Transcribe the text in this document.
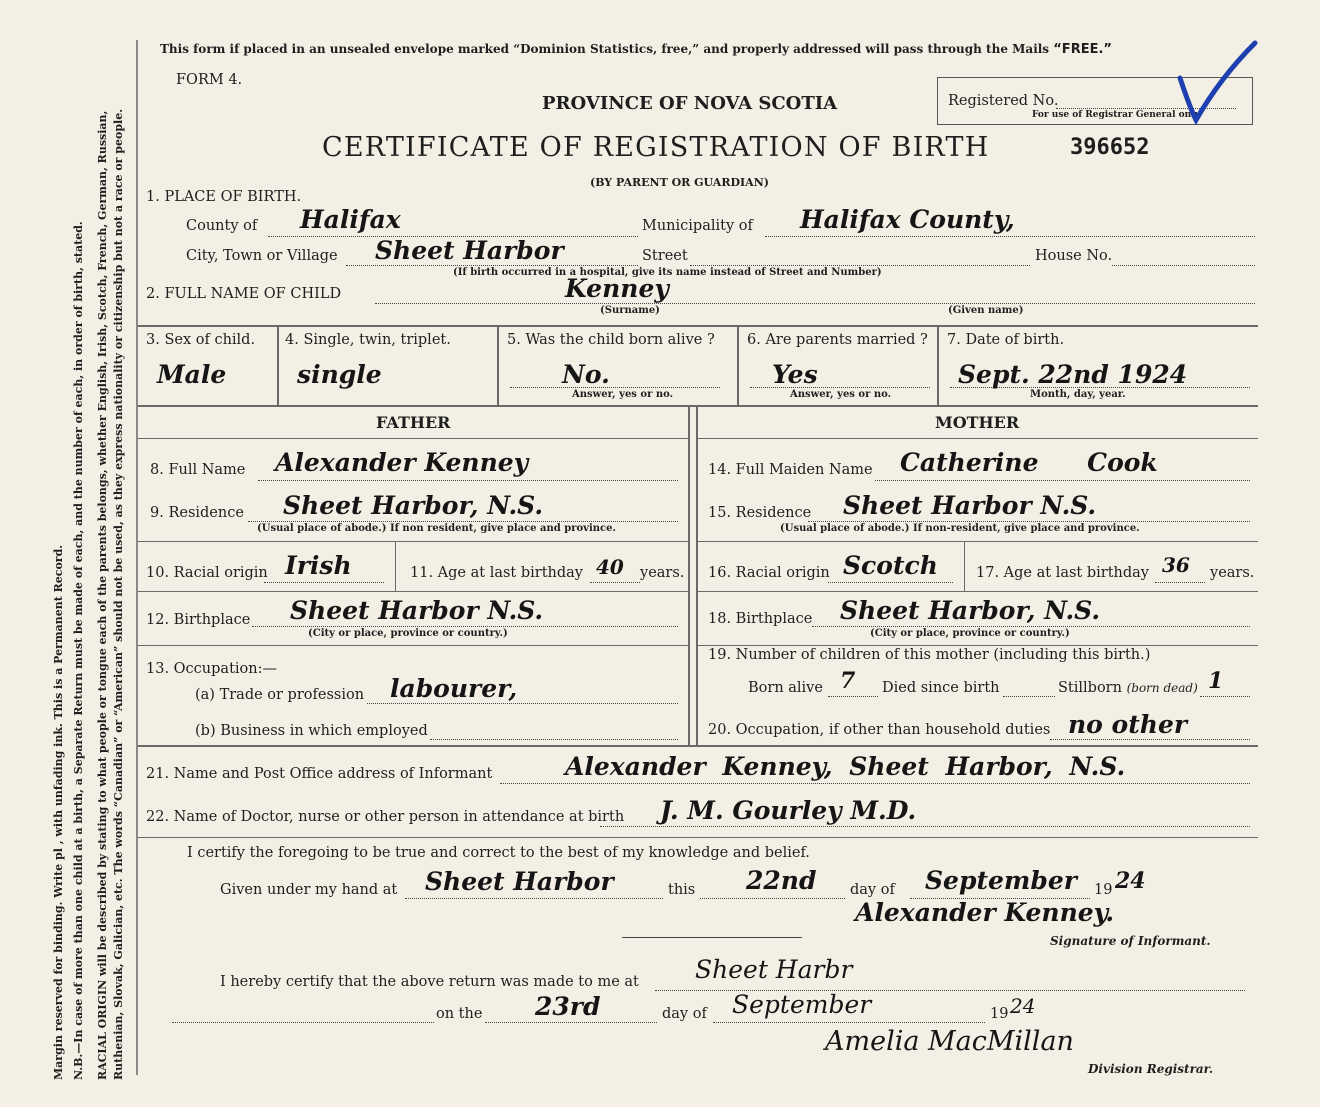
Margin reserved for binding. Write pl , with unfading ink. This is a Permanent Record. N.B.—In case of more than one child at a birth, a Separate Return must be made of each, and the number of each, in order of birth, stated. RACIAL ORIGIN will be described by stating to what people or tongue each of the parents belongs, whether English, Irish, Scotch, French, German, Russian, Ruthenian, Slovak, Galician, etc. The words “Canadian” or “American” should not be used, as they express nationality or citizenship but not a race or people.
This form if placed in an unsealed envelope marked “Dominion Statistics, free,” and properly addressed will pass through the Mails “FREE.”
FORM 4.
PROVINCE OF NOVA SCOTIA	Registered No.
For use of Registrar General only
CERTIFICATE OF REGISTRATION OF BIRTH	396652
(BY PARENT OR GUARDIAN)
1. PLACE OF BIRTH.
County of Halifax	Municipality of Halifax County,
City, Town or Village Sheet Harbor	Street	House No.
(If birth occurred in a hospital, give its name instead of Street and Number)
2. FULL NAME OF CHILD	Kenney
(Surname)	(Given name)
3. Sex of child.
Male
4. Single, twin, triplet.
single
5. Was the child born alive ?
No.
Answer, yes or no.
6. Are parents married ?
Yes
Answer, yes or no.
7. Date of birth.
Sept. 22nd 1924
Month, day, year.
FATHER	MOTHER
8. Full Name Alexander Kenney
9. Residence Sheet Harbor, N.S.
(Usual place of abode.) If non resident, give place and province.
10. Racial origin Irish	11. Age at last birthday 40 years.
12. Birthplace Sheet Harbor N.S.
(City or place, province or country.)
13. Occupation:—
(a) Trade or profession labourer,
(b) Business in which employed
14. Full Maiden Name Catherine Cook
15. Residence Sheet Harbor N.S.
(Usual place of abode.) If non-resident, give place and province.
16. Racial origin Scotch	17. Age at last birthday 36 years.
18. Birthplace Sheet Harbor, N.S.
(City or place, province or country.)
19. Number of children of this mother (including this birth.)
Born alive 7 Died since birth	Stillborn (born dead) 1
20. Occupation, if other than household duties no other
21. Name and Post Office address of Informant	Alexander Kenney, Sheet Harbor, N.S.
22. Name of Doctor, nurse or other person in attendance at birth J. M. Gourley M.D.
I certify the foregoing to be true and correct to the best of my knowledge and belief.
Given under my hand at Sheet Harbor	this 22nd day of September 19 24
Alexander Kenney.
Signature of Informant.
I hereby certify that the above return was made to me at Sheet Harbr
on the 23rd	day of September	19 24
Amelia MacMillan
Division Registrar.
